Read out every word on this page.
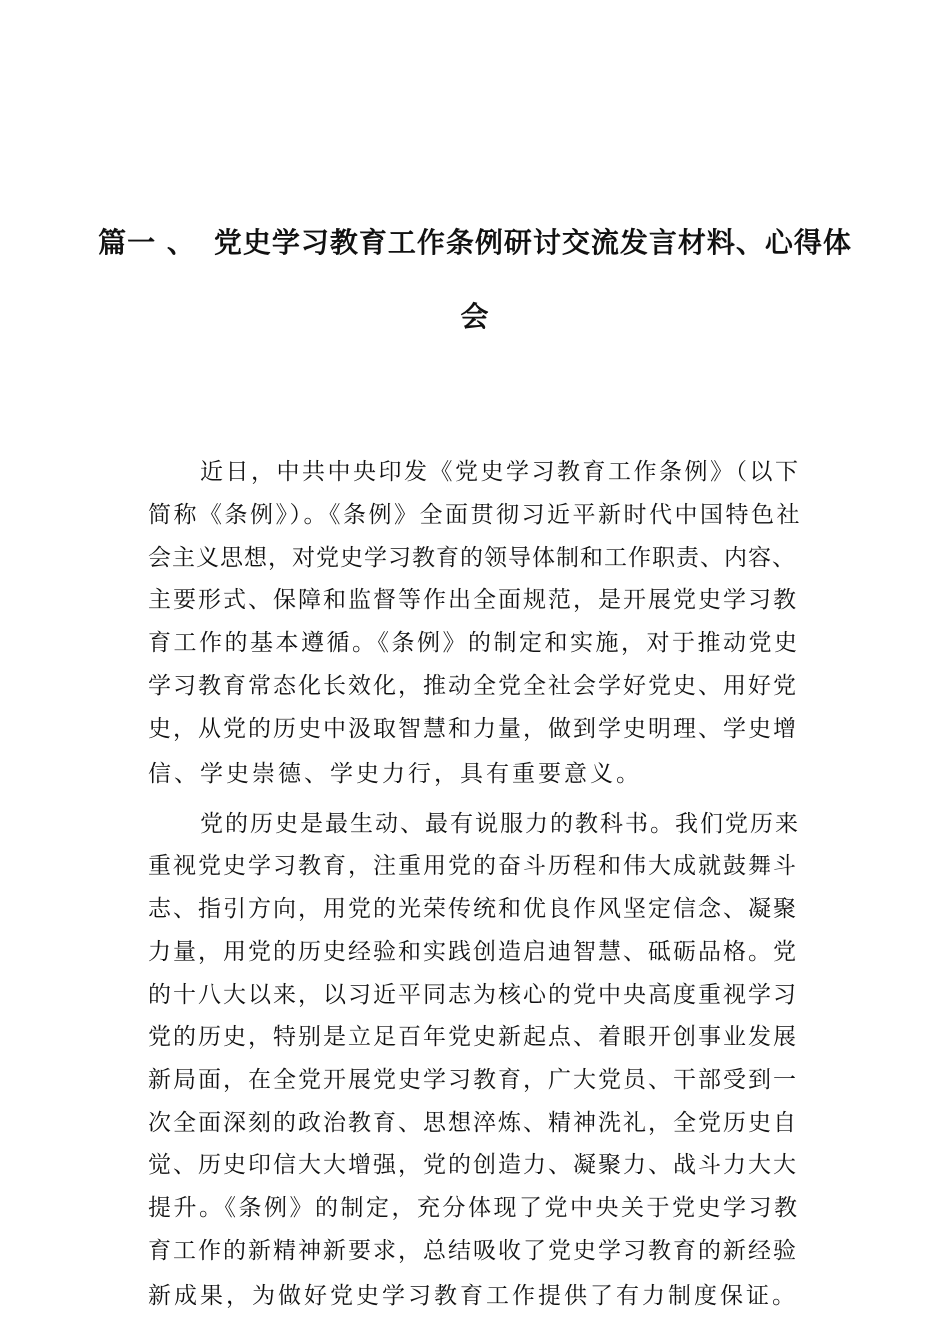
篇一 、 党史学习教育工作条例研讨交流发言材料、心得体
会
近日，中共中央印发《党史学习教育工作条例》（以下
简称《条例》）。《条例》全面贯彻习近平新时代中国特色社
会主义思想，对党史学习教育的领导体制和工作职责、内容、
主要形式、保障和监督等作出全面规范，是开展党史学习教
育工作的基本遵循。《条例》的制定和实施，对于推动党史
学习教育常态化长效化，推动全党全社会学好党史、用好党
史，从党的历史中汲取智慧和力量，做到学史明理、学史增
信、学史崇德、学史力行，具有重要意义。
党的历史是最生动、最有说服力的教科书。我们党历来
重视党史学习教育，注重用党的奋斗历程和伟大成就鼓舞斗
志、指引方向，用党的光荣传统和优良作风坚定信念、凝聚
力量，用党的历史经验和实践创造启迪智慧、砥砺品格。党
的十八大以来，以习近平同志为核心的党中央高度重视学习
党的历史，特别是立足百年党史新起点、着眼开创事业发展
新局面，在全党开展党史学习教育，广大党员、干部受到一
次全面深刻的政治教育、思想淬炼、精神洗礼，全党历史自
觉、历史印信大大增强，党的创造力、凝聚力、战斗力大大
提升。《条例》的制定，充分体现了党中央关于党史学习教
育工作的新精神新要求，总结吸收了党史学习教育的新经验
新成果，为做好党史学习教育工作提供了有力制度保证。
